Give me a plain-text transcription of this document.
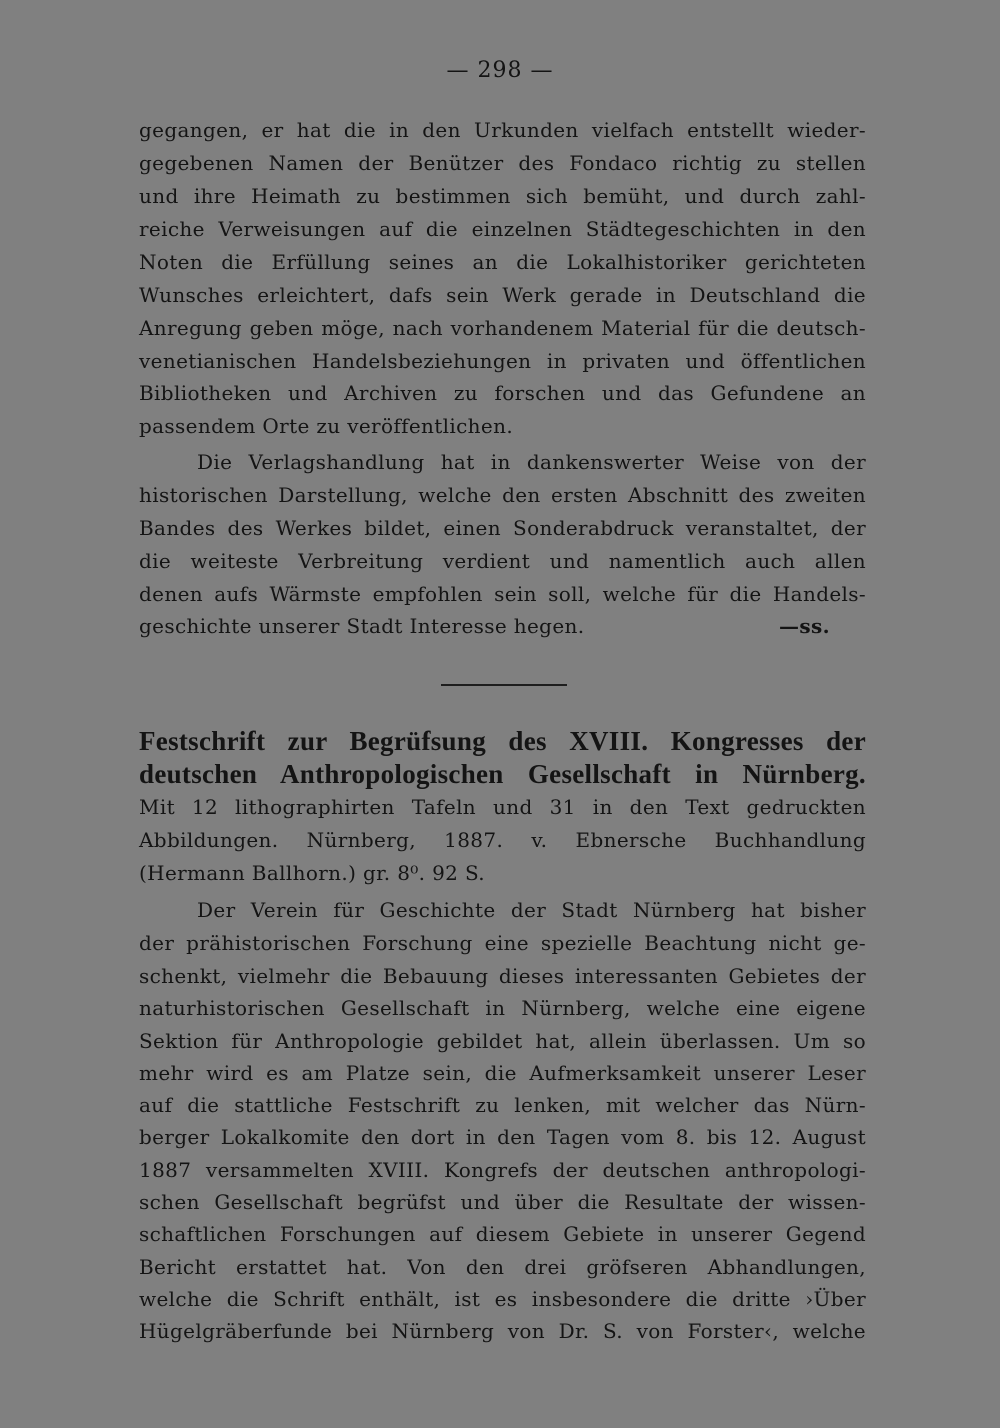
— 298 —
gegangen, er hat die in den Urkunden vielfach entstellt wieder-
gegebenen Namen der Benützer des Fondaco richtig zu stellen
und ihre Heimath zu bestimmen sich bemüht, und durch zahl-
reiche Verweisungen auf die einzelnen Städtegeschichten in den
Noten die Erfüllung seines an die Lokalhistoriker gerichteten
Wunsches erleichtert, dafs sein Werk gerade in Deutschland die
Anregung geben möge, nach vorhandenem Material für die deutsch-
venetianischen Handelsbeziehungen in privaten und öffentlichen
Bibliotheken und Archiven zu forschen und das Gefundene an
passendem Orte zu veröffentlichen.
Die Verlagshandlung hat in dankenswerter Weise von der
historischen Darstellung, welche den ersten Abschnitt des zweiten
Bandes des Werkes bildet, einen Sonderabdruck veranstaltet, der
die weiteste Verbreitung verdient und namentlich auch allen
denen aufs Wärmste empfohlen sein soll, welche für die Handels-
geschichte unserer Stadt Interesse hegen.	—ss.
Festschrift zur Begrüfsung des XVIII. Kongresses der
deutschen Anthropologischen Gesellschaft in Nürnberg.
Mit 12 lithographirten Tafeln und 31 in den Text gedruckten
Abbildungen. Nürnberg, 1887. v. Ebnersche Buchhandlung
(Hermann Ballhorn.) gr. 8⁰. 92 S.
Der Verein für Geschichte der Stadt Nürnberg hat bisher
der prähistorischen Forschung eine spezielle Beachtung nicht ge-
schenkt, vielmehr die Bebauung dieses interessanten Gebietes der
naturhistorischen Gesellschaft in Nürnberg, welche eine eigene
Sektion für Anthropologie gebildet hat, allein überlassen. Um so
mehr wird es am Platze sein, die Aufmerksamkeit unserer Leser
auf die stattliche Festschrift zu lenken, mit welcher das Nürn-
berger Lokalkomite den dort in den Tagen vom 8. bis 12. August
1887 versammelten XVIII. Kongrefs der deutschen anthropologi-
schen Gesellschaft begrüfst und über die Resultate der wissen-
schaftlichen Forschungen auf diesem Gebiete in unserer Gegend
Bericht erstattet hat. Von den drei gröfseren Abhandlungen,
welche die Schrift enthält, ist es insbesondere die dritte ›Über
Hügelgräberfunde bei Nürnberg von Dr. S. von Forster‹, welche
